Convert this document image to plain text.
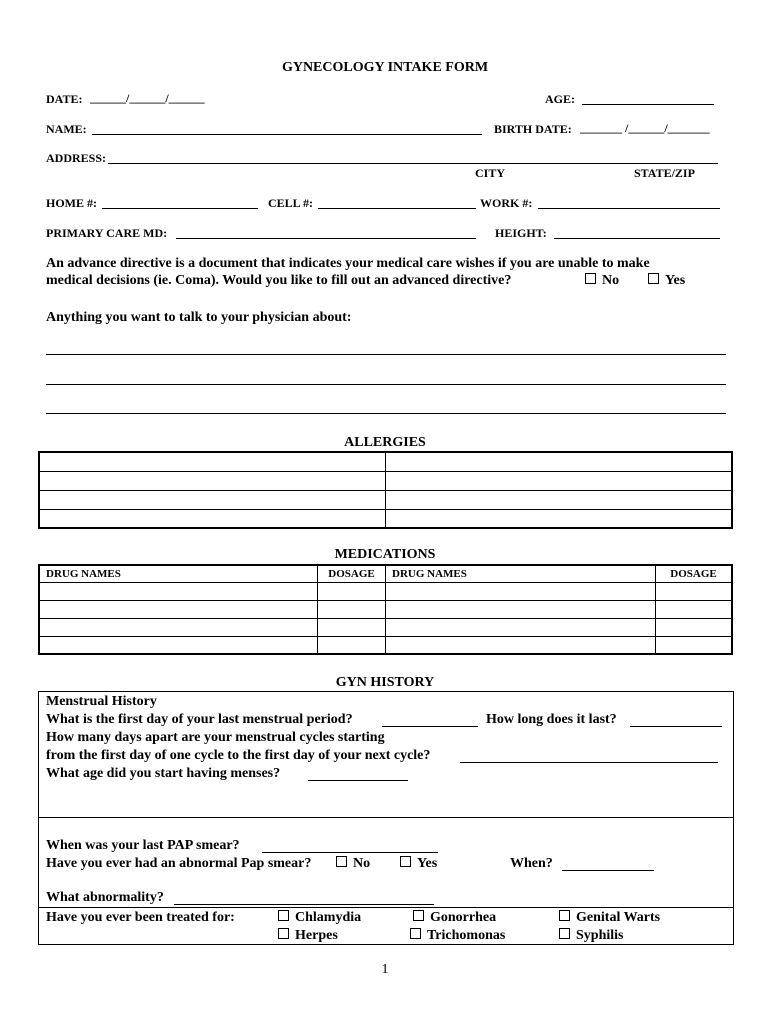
GYNECOLOGY INTAKE FORM
DATE: ______/______/______	AGE:
NAME:	BIRTH DATE: _______ /______/_______
ADDRESS:
CITY	STATE/ZIP
HOME #:	CELL #:	WORK #:
PRIMARY CARE MD:	HEIGHT:
An advance directive is a document that indicates your medical care wishes if you are unable to make
medical decisions (ie. Coma). Would you like to fill out an advanced directive?	No	Yes
Anything you want to talk to your physician about:
ALLERGIES

MEDICATIONS
DRUG NAMES	DOSAGE	DRUG NAMES	DOSAGE

GYN HISTORY
Menstrual History
What is the first day of your last menstrual period?	How long does it last?
How many days apart are your menstrual cycles starting
from the first day of one cycle to the first day of your next cycle?
What age did you start having menses?
When was your last PAP smear?
Have you ever had an abnormal Pap smear?	No	Yes	When?
What abnormality?
Have you ever been treated for:	Chlamydia	Gonorrhea	Genital Warts
Herpes	Trichomonas	Syphilis
1
